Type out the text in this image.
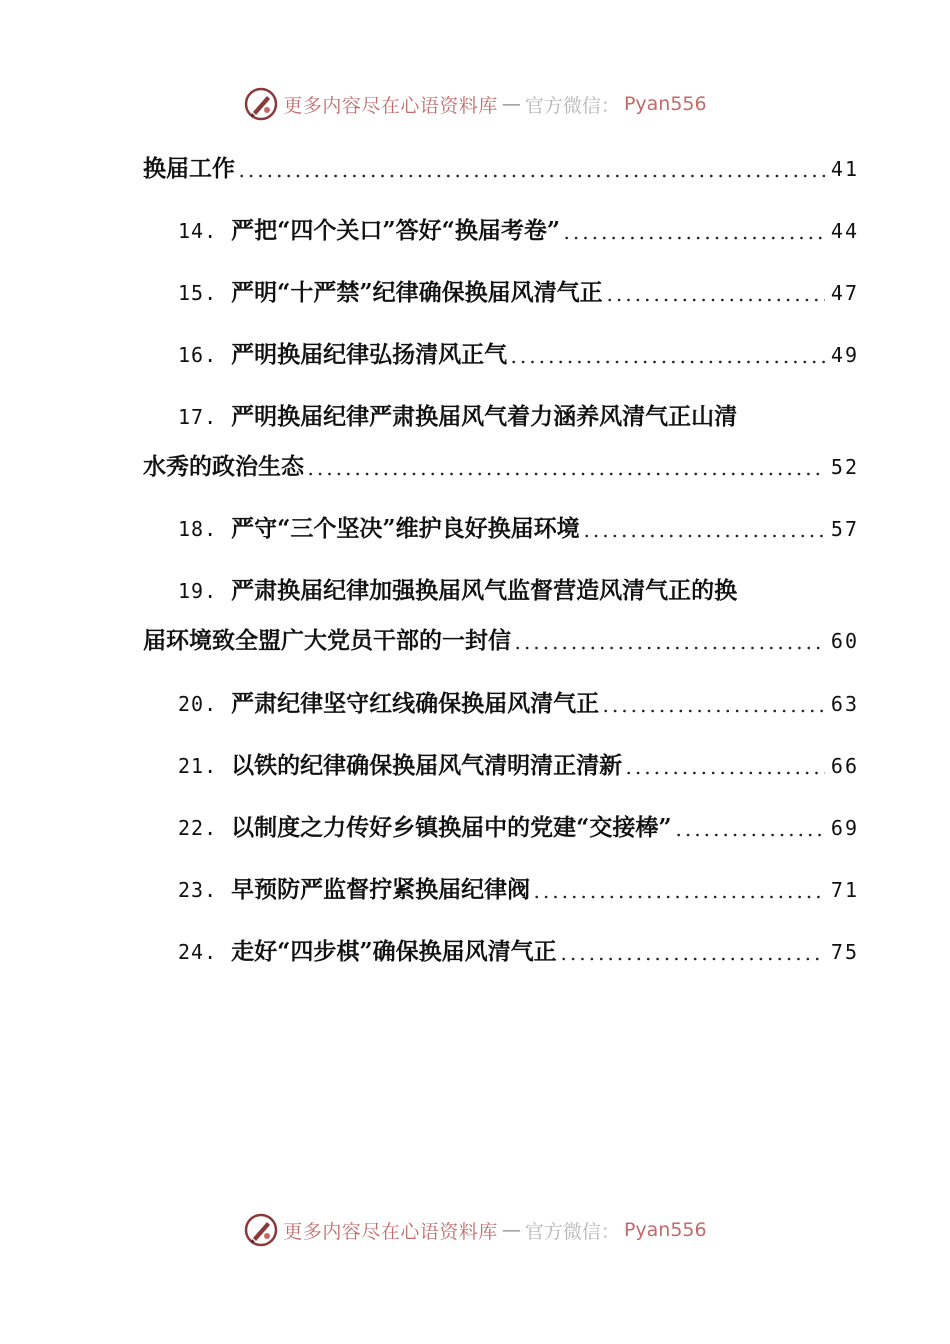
更多内容尽在心语资料库 — 官方微信： Pyan556
换届工作	41
14. 严把“四个关口”答好“换届考卷”	44
15. 严明“十严禁”纪律确保换届风清气正	47
16. 严明换届纪律弘扬清风正气	49
17. 严明换届纪律严肃换届风气着力涵养风清气正山清
水秀的政治生态	52
18. 严守“三个坚决”维护良好换届环境	57
19. 严肃换届纪律加强换届风气监督营造风清气正的换
届环境致全盟广大党员干部的一封信	60
20. 严肃纪律坚守红线确保换届风清气正	63
21. 以铁的纪律确保换届风气清明清正清新	66
22. 以制度之力传好乡镇换届中的党建“交接棒”	69
23. 早预防严监督拧紧换届纪律阀	71
24. 走好“四步棋”确保换届风清气正	75
更多内容尽在心语资料库 — 官方微信： Pyan556
